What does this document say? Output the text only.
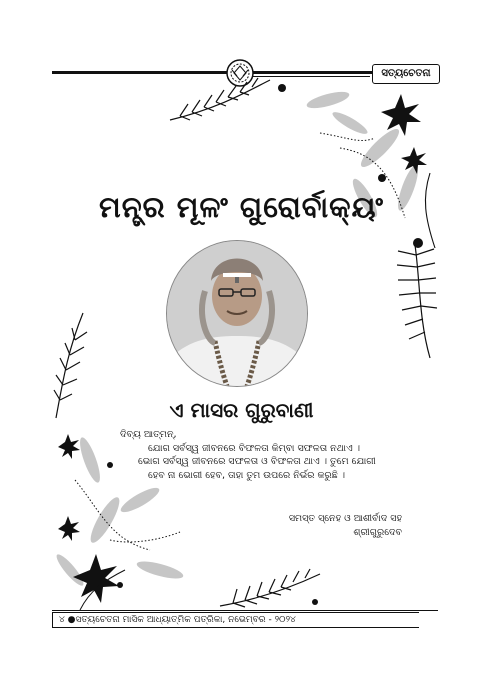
ସତ୍ୟଚେତନା
ମନ୍ତ୍ର ମୂଳଂ ଗୁରୋର୍ବାକ୍ୟଂ
ଏ ମାସର ଗୁରୁବାଣୀ
ଦିବ୍ୟ ଆତ୍ମନ୍,
ଯୋଗ ସର୍ବସ୍ୱ ଜୀବନରେ ବିଫଳତା କିମ୍ବା ସଫଳତା ନଥାଏ ।
ଭୋଗ ସର୍ବସ୍ୱ ଜୀବନରେ ସଫଳତା ଓ ବିଫଳତା ଥାଏ । ତୁମେ ଯୋଗୀ
ହେବ ନା ଭୋଗୀ ହେବ, ତାହା ତୁମ ଉପରେ ନିର୍ଭର କରୁଛି ।
ସମସ୍ତ ସ୍ନେହ ଓ ଆଶୀର୍ବାଦ ସହ
ଶ୍ରୀଗୁରୁଦେବ
୪ ●ସତ୍ୟଚେତନା ମାସିକ ଆଧ୍ୟାତ୍ମିକ ପତ୍ରିକା, ନଭେମ୍ବର - ୨୦୨୪
